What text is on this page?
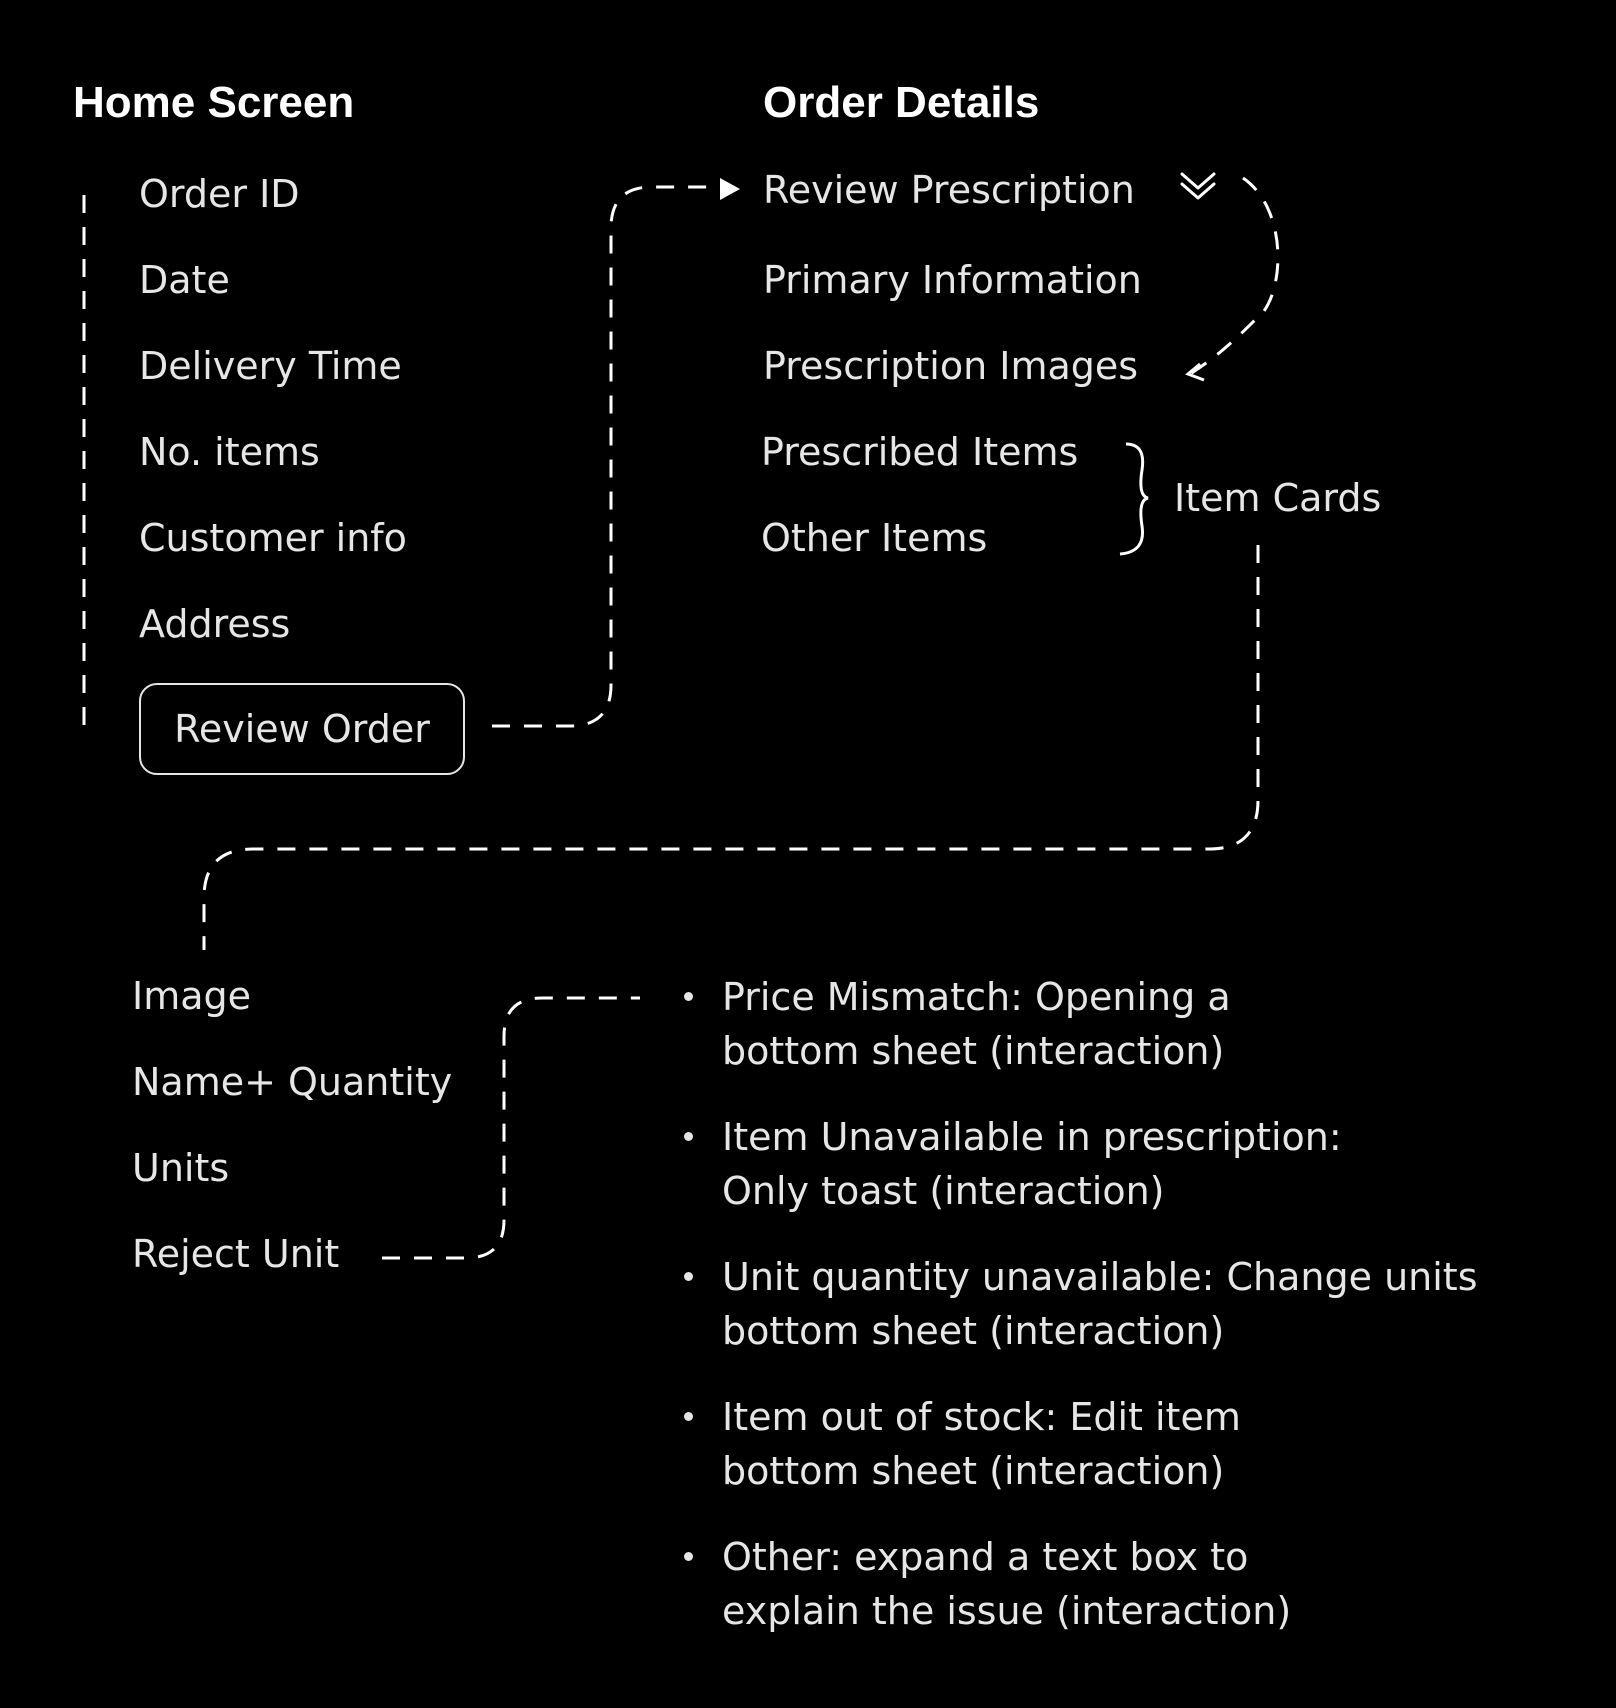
Home Screen
Order ID
Date
Delivery Time
No. items
Customer info
Address
Review Order
Order Details
Review Prescription
Primary Information
Prescription Images
Prescribed Items
Other Items
Item Cards
Image
Name+ Quantity
Units
Reject Unit
Price Mismatch: Opening a bottom sheet (interaction)
Item Unavailable in prescription: Only toast (interaction)
Unit quantity unavailable: Change units bottom sheet (interaction)
Item out of stock: Edit item bottom sheet (interaction)
Other: expand a text box to explain the issue (interaction)
